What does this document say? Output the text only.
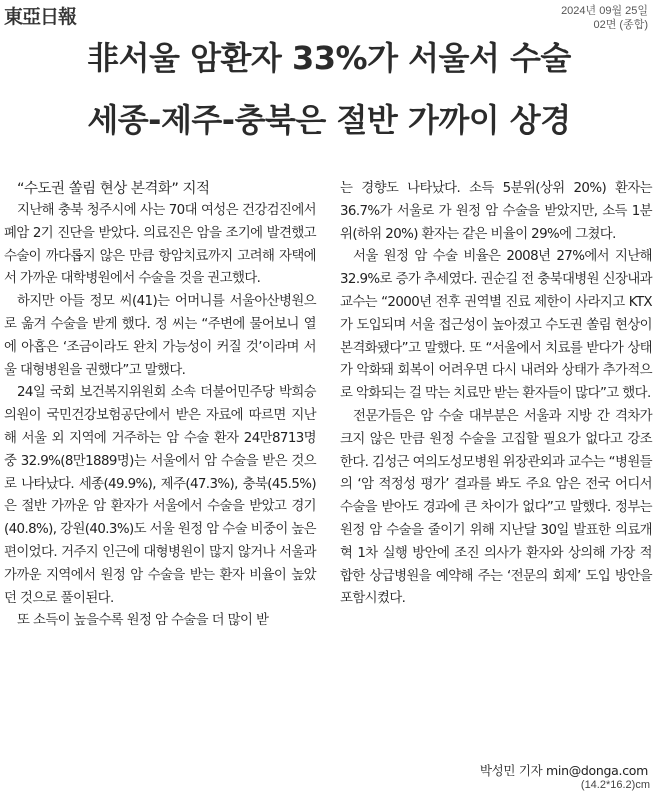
東亞日報	2024년 09월 25일
02면 (종합)
非서울 암환자 33%가 서울서 수술
세종-제주-충북은 절반 가까이 상경

“수도권 쏠림 현상 본격화” 지적

지난해 충북 청주시에 사는 70대 여성은 건강검진에서 폐암 2기 진단을 받았다. 의료진은 암을 조기에 발견했고 수술이 까다롭지 않은 만큼 항암치료까지 고려해 자택에서 가까운 대학병원에서 수술을 것을 권고했다.

하지만 아들 정모 씨(41)는 어머니를 서울아산병원으로 옮겨 수술을 받게 했다. 정 씨는 “주변에 물어보니 열에 아홉은 ‘조금이라도 완치 가능성이 커질 것’이라며 서울 대형병원을 권했다”고 말했다.

24일 국회 보건복지위원회 소속 더불어민주당 박희승 의원이 국민건강보험공단에서 받은 자료에 따르면 지난해 서울 외 지역에 거주하는 암 수술 환자 24만8713명 중 32.9%(8만1889명)는 서울에서 암 수술을 받은 것으로 나타났다. 세종(49.9%), 제주(47.3%), 충북(45.5%)은 절반 가까운 암 환자가 서울에서 수술을 받았고 경기(40.8%), 강원(40.3%)도 서울 원정 암 수술 비중이 높은 편이었다. 거주지 인근에 대형병원이 많지 않거나 서울과 가까운 지역에서 원정 암 수술을 받는 환자 비율이 높았던 것으로 풀이된다.

또 소득이 높을수록 원정 암 수술을 더 많이 받

는 경향도 나타났다. 소득 5분위(상위 20%) 환자는 36.7%가 서울로 가 원정 암 수술을 받았지만, 소득 1분위(하위 20%) 환자는 같은 비율이 29%에 그쳤다.

서울 원정 암 수술 비율은 2008년 27%에서 지난해 32.9%로 증가 추세였다. 권순길 전 충북대병원 신장내과 교수는 “2000년 전후 권역별 진료 제한이 사라지고 KTX가 도입되며 서울 접근성이 높아졌고 수도권 쏠림 현상이 본격화됐다”고 말했다. 또 “서울에서 치료를 받다가 상태가 악화돼 회복이 어려우면 다시 내려와 상태가 추가적으로 악화되는 걸 막는 치료만 받는 환자들이 많다”고 했다.

전문가들은 암 수술 대부분은 서울과 지방 간 격차가 크지 않은 만큼 원정 수술을 고집할 필요가 없다고 강조한다. 김성근 여의도성모병원 위장관외과 교수는 “병원들의 ‘암 적정성 평가’ 결과를 봐도 주요 암은 전국 어디서 수술을 받아도 경과에 큰 차이가 없다”고 말했다. 정부는 원정 암 수술을 줄이기 위해 지난달 30일 발표한 의료개혁 1차 실행 방안에 조진 의사가 환자와 상의해 가장 적합한 상급병원을 예약해 주는 ‘전문의 회제’ 도입 방안을 포함시켰다.

박성민 기자 min@donga.com
(14.2*16.2)cm
